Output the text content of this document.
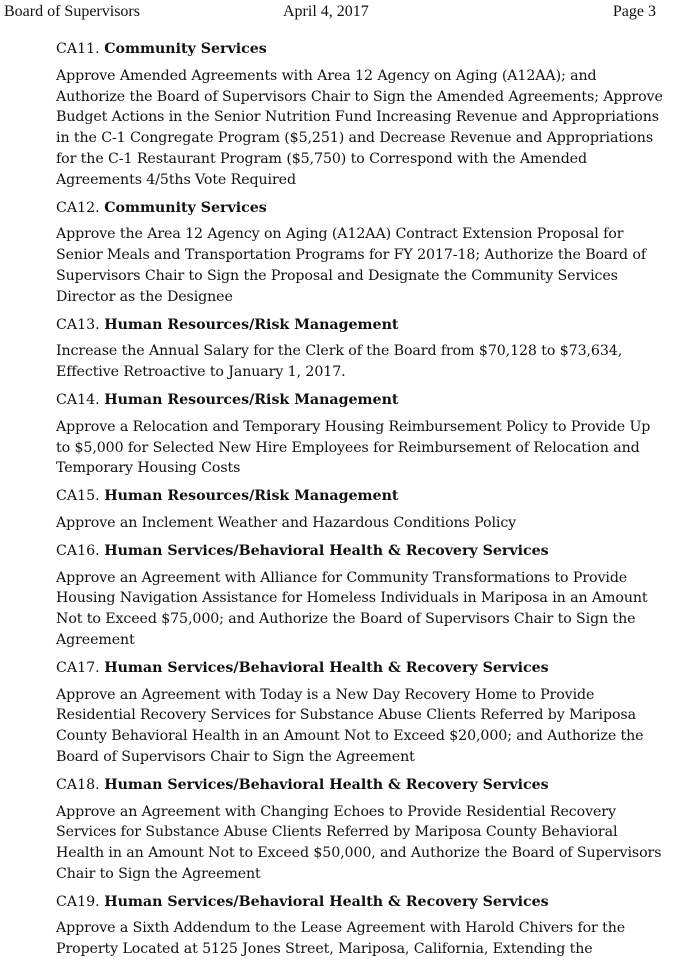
Board of Supervisors	April 4, 2017	Page 3
CA11. Community Services
Approve Amended Agreements with Area 12 Agency on Aging (A12AA); and Authorize the Board of Supervisors Chair to Sign the Amended Agreements; Approve Budget Actions in the Senior Nutrition Fund Increasing Revenue and Appropriations in the C-1 Congregate Program ($5,251) and Decrease Revenue and Appropriations for the C-1 Restaurant Program ($5,750) to Correspond with the Amended Agreements 4/5ths Vote Required
CA12. Community Services
Approve the Area 12 Agency on Aging (A12AA) Contract Extension Proposal for Senior Meals and Transportation Programs for FY 2017-18; Authorize the Board of Supervisors Chair to Sign the Proposal and Designate the Community Services Director as the Designee
CA13. Human Resources/Risk Management
Increase the Annual Salary for the Clerk of the Board from $70,128 to $73,634, Effective Retroactive to January 1, 2017.
CA14. Human Resources/Risk Management
Approve a Relocation and Temporary Housing Reimbursement Policy to Provide Up to $5,000 for Selected New Hire Employees for Reimbursement of Relocation and Temporary Housing Costs
CA15. Human Resources/Risk Management
Approve an Inclement Weather and Hazardous Conditions Policy
CA16. Human Services/Behavioral Health & Recovery Services
Approve an Agreement with Alliance for Community Transformations to Provide Housing Navigation Assistance for Homeless Individuals in Mariposa in an Amount Not to Exceed $75,000; and Authorize the Board of Supervisors Chair to Sign the Agreement
CA17. Human Services/Behavioral Health & Recovery Services
Approve an Agreement with Today is a New Day Recovery Home to Provide Residential Recovery Services for Substance Abuse Clients Referred by Mariposa County Behavioral Health in an Amount Not to Exceed $20,000; and Authorize the Board of Supervisors Chair to Sign the Agreement
CA18. Human Services/Behavioral Health & Recovery Services
Approve an Agreement with Changing Echoes to Provide Residential Recovery Services for Substance Abuse Clients Referred by Mariposa County Behavioral Health in an Amount Not to Exceed $50,000, and Authorize the Board of Supervisors Chair to Sign the Agreement
CA19. Human Services/Behavioral Health & Recovery Services
Approve a Sixth Addendum to the Lease Agreement with Harold Chivers for the Property Located at 5125 Jones Street, Mariposa, California, Extending the
